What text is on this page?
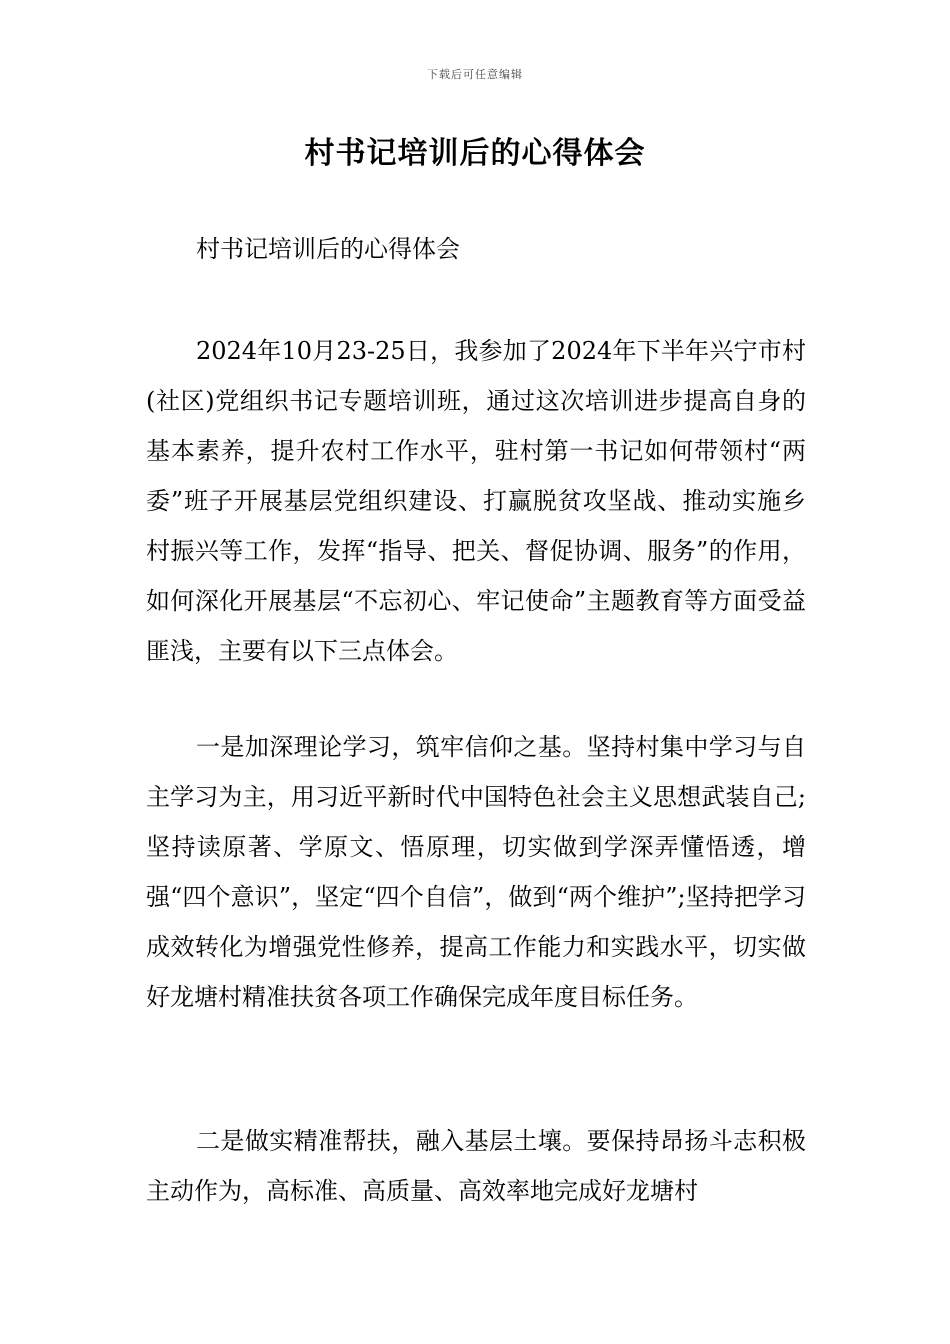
下载后可任意编辑
村书记培训后的心得体会

村书记培训后的心得体会

2024年10月23-25日，我参加了2024年下半年兴宁市村(社区)党组织书记专题培训班，通过这次培训进步提高自身的基本素养，提升农村工作水平，驻村第一书记如何带领村“两委”班子开展基层党组织建设、打赢脱贫攻坚战、推动实施乡村振兴等工作，发挥“指导、把关、督促协调、服务”的作用，如何深化开展基层“不忘初心、牢记使命”主题教育等方面受益匪浅，主要有以下三点体会。

一是加深理论学习，筑牢信仰之基。坚持村集中学习与自主学习为主，用习近平新时代中国特色社会主义思想武装自己;坚持读原著、学原文、悟原理，切实做到学深弄懂悟透，增强“四个意识”，坚定“四个自信”，做到“两个维护”;坚持把学习成效转化为增强党性修养，提高工作能力和实践水平，切实做好龙塘村精准扶贫各项工作确保完成年度目标任务。

二是做实精准帮扶，融入基层土壤。要保持昂扬斗志积极主动作为，高标准、高质量、高效率地完成好龙塘村
